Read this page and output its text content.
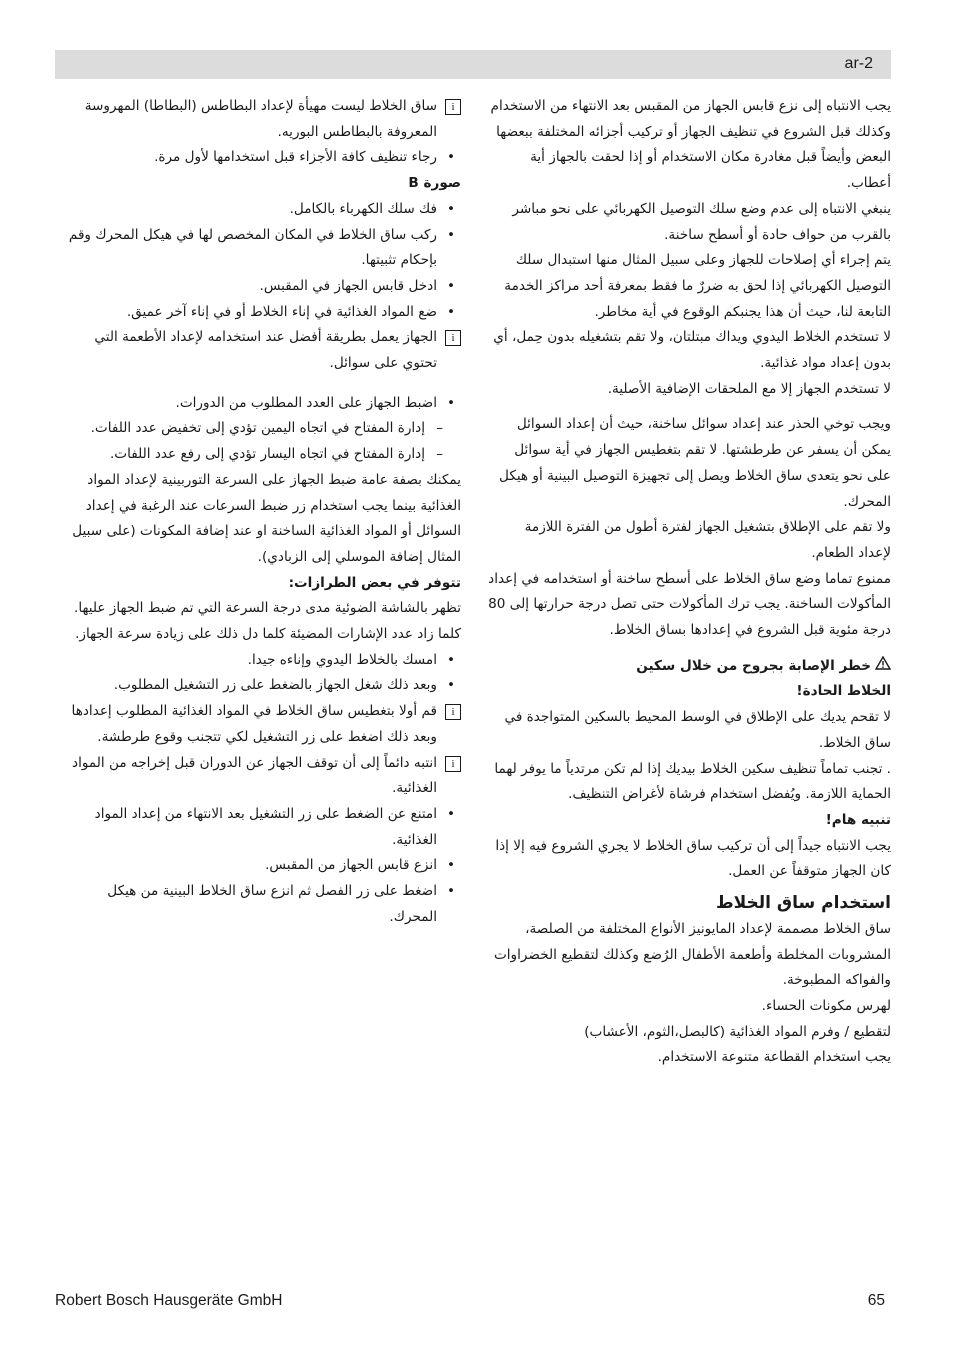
ar-2

يجب الانتباه إلى نزع قابس الجهاز من المقبس بعد الانتهاء من الاستخدام وكذلك قبل الشروع في تنظيف الجهاز أو تركيب أجزائه المختلفة ببعضها البعض وأيضاً قبل مغادرة مكان الاستخدام أو إذا لحقت بالجهاز أية أعطاب.

ينبغي الانتباه إلى عدم وضع سلك التوصيل الكهربائي على نحو مباشر بالقرب من حواف حادة أو أسطح ساخنة.

يتم إجراء أي إصلاحات للجهاز وعلى سبيل المثال منها استبدال سلك التوصيل الكهربائي إذا لحق به ضررٌ ما فقط بمعرفة أحد مراكز الخدمة التابعة لنا، حيث أن هذا يجنبكم الوقوع في أية مخاطر.

لا تستخدم الخلاط اليدوي ويداك مبتلتان، ولا تقم بتشغيله بدون حِمل، أي بدون إعداد مواد غذائية.

لا تستخدم الجهاز إلا مع الملحقات الإضافية الأصلية.

ويجب توخي الحذر عند إعداد سوائل ساخنة، حيث أن إعداد السوائل يمكن أن يسفر عن طرطشتها. لا تقم بتغطيس الجهاز في أية سوائل على نحو يتعدى ساق الخلاط ويصل إلى تجهيزة التوصيل البينية أو هيكل المحرك.

ولا تقم على الإطلاق بتشغيل الجهاز لفترة أطول من الفترة اللازمة لإعداد الطعام.

ممنوع تماما وضع ساق الخلاط على أسطح ساخنة أو استخدامه في إعداد المأكولات الساخنة. يجب ترك المأكولات حتى تصل درجة حرارتها إلى 80 درجة مئوية قبل الشروع في إعدادها بساق الخلاط.

خطر الإصابة بجروح من خلال سكين
الخلاط الحادة!

لا تقحم يديك على الإطلاق في الوسط المحيط بالسكين المتواجدة في ساق الخلاط.

. تجنب تماماً تنظيف سكين الخلاط بيديك إذا لم تكن مرتدياً ما يوفر لهما الحماية اللازمة. ويُفضل استخدام فرشاة لأغراض التنظيف.

تنبيه هام!

يجب الانتباه جيداً إلى أن تركيب ساق الخلاط لا يجري الشروع فيه إلا إذا كان الجهاز متوقفاً عن العمل.

استخدام ساق الخلاط

ساق الخلاط مصممة لإعداد المايونيز الأنواع المختلفة من الصلصة، المشروبات المخلطة وأطعمة الأطفال الرُضع وكذلك لتقطيع الخضراوات والفواكه المطبوخة.

لهرس مكونات الحساء.

لتقطيع / وفرم المواد الغذائية (كالبصل،الثوم، الأعشاب)

يجب استخدام القطاعة متنوعة الاستخدام.

i
ساق الخلاط ليست مهيأة لإعداد البطاطس (البطاطا) المهروسة المعروفة بالبطاطس البوريه.
•
رجاء تنظيف كافة الأجزاء قبل استخدامها لأول مرة.
صورة B
•
فك سلك الكهرباء بالكامل.
•
ركب ساق الخلاط في المكان المخصص لها في هيكل المحرك وقم بإحكام تثبيتها.
•
ادخل قابس الجهاز في المقبس.
•
ضع المواد الغذائية في إناء الخلاط أو في إناء آخر عميق.
i
الجهاز يعمل بطريقة أفضل عند استخدامه لإعداد الأطعمة التي تحتوي على سوائل.
•
اضبط الجهاز على العدد المطلوب من الدورات.
–
إدارة المفتاح في اتجاه اليمين تؤدي إلى تخفيض عدد اللفات.
–
إدارة المفتاح في اتجاه اليسار تؤدي إلى رفع عدد اللفات.

يمكنك بصفة عامة ضبط الجهاز على السرعة التوربينية لإعداد المواد الغذائية بينما يجب استخدام زر ضبط السرعات عند الرغبة في إعداد السوائل أو المواد الغذائية الساخنة او عند إضافة المكونات (على سبيل المثال إضافة الموسلي إلى الزبادي).

تتوفر في بعض الطرازات:

تظهر بالشاشة الضوئية مدى درجة السرعة التي تم ضبط الجهاز عليها. كلما زاد عدد الإشارات المضيئة كلما دل ذلك على زيادة سرعة الجهاز.

•
امسك بالخلاط اليدوي وإناءه جيدا.
•
وبعد ذلك شغل الجهاز بالضغط على زر التشغيل المطلوب.
i
قم أولا بتغطيس ساق الخلاط في المواد الغذائية المطلوب إعدادها وبعد ذلك اضغط على زر التشغيل لكي تتجنب وقوع طرطشة.
i
انتبه دائماً إلى أن توقف الجهاز عن الدوران قبل إخراجه من المواد الغذائية.
•
امتنع عن الضغط على زر التشغيل بعد الانتهاء من إعداد المواد الغذائية.
•
انزع قابس الجهاز من المقبس.
•
اضغط على زر الفصل ثم انزع ساق الخلاط البينية من هيكل المحرك.
Robert Bosch Hausgeräte GmbH	65
